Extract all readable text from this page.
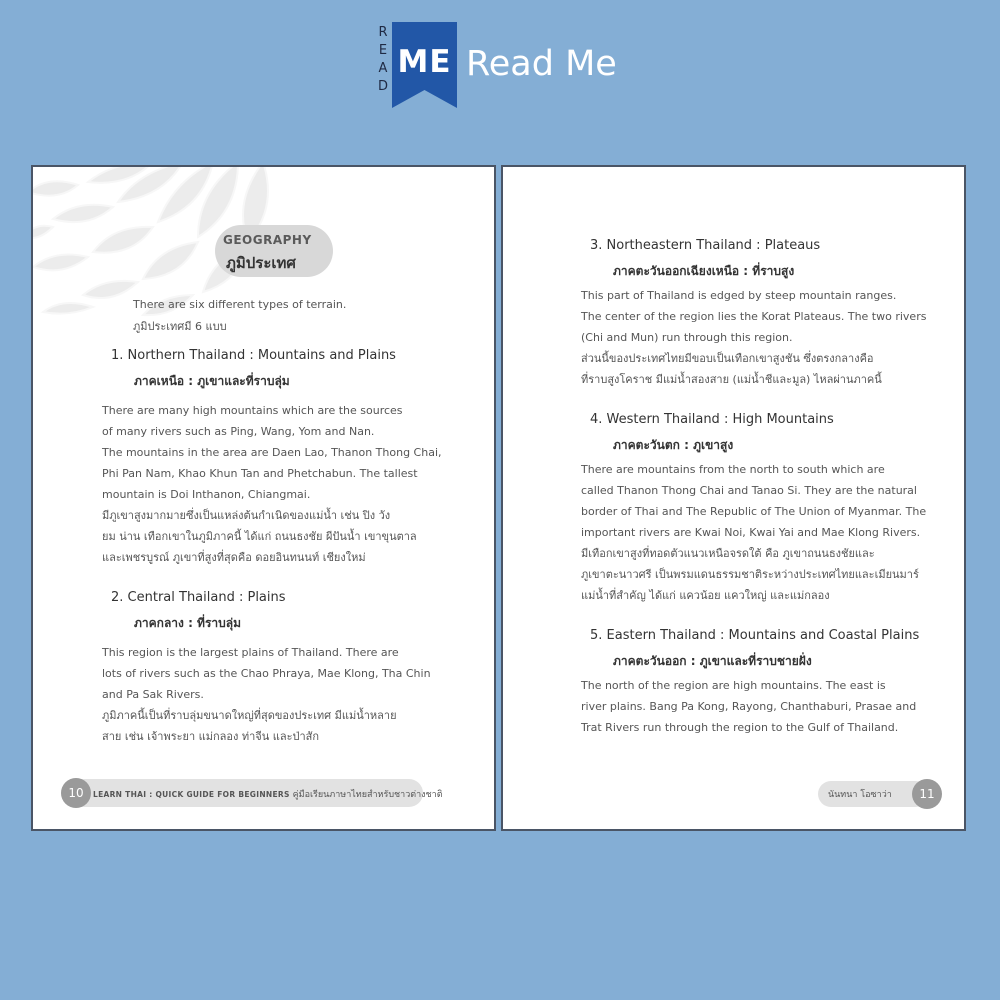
R
E
A
D
ME Read Me
GEOGRAPHY
ภูมิประเทศ
There are six different types of terrain.
ภูมิประเทศมี 6 แบบ
1. Northern Thailand : Mountains and Plains
ภาคเหนือ : ภูเขาและที่ราบลุ่ม
There are many high mountains which are the sources
of many rivers such as Ping, Wang, Yom and Nan.
The mountains in the area are Daen Lao, Thanon Thong Chai,
Phi Pan Nam, Khao Khun Tan and Phetchabun. The tallest
mountain is Doi Inthanon, Chiangmai.
มีภูเขาสูงมากมายซึ่งเป็นแหล่งต้นกำเนิดของแม่น้ำ เช่น ปิง วัง
ยม น่าน เทือกเขาในภูมิภาคนี้ ได้แก่ ถนนธงชัย ผีปันน้ำ เขาขุนตาล
และเพชรบูรณ์ ภูเขาที่สูงที่สุดคือ ดอยอินทนนท์ เชียงใหม่
2. Central Thailand : Plains
ภาคกลาง : ที่ราบลุ่ม
This region is the largest plains of Thailand. There are
lots of rivers such as the Chao Phraya, Mae Klong, Tha Chin
and Pa Sak Rivers.
ภูมิภาคนี้เป็นที่ราบลุ่มขนาดใหญ่ที่สุดของประเทศ มีแม่น้ำหลาย
สาย เช่น เจ้าพระยา แม่กลอง ท่าจีน และป่าสัก
10	LEARN THAI : QUICK GUIDE FOR BEGINNERS คู่มือเรียนภาษาไทยสำหรับชาวต่างชาติ
3. Northeastern Thailand : Plateaus
ภาคตะวันออกเฉียงเหนือ : ที่ราบสูง
This part of Thailand is edged by steep mountain ranges.
The center of the region lies the Korat Plateaus. The two rivers
(Chi and Mun) run through this region.
ส่วนนี้ของประเทศไทยมีขอบเป็นเทือกเขาสูงชัน ซึ่งตรงกลางคือ
ที่ราบสูงโคราช มีแม่น้ำสองสาย (แม่น้ำชีและมูล) ไหลผ่านภาคนี้
4. Western Thailand : High Mountains
ภาคตะวันตก : ภูเขาสูง
There are mountains from the north to south which are
called Thanon Thong Chai and Tanao Si. They are the natural
border of Thai and The Republic of The Union of Myanmar. The
important rivers are Kwai Noi, Kwai Yai and Mae Klong Rivers.
มีเทือกเขาสูงที่ทอดตัวแนวเหนือจรดใต้ คือ ภูเขาถนนธงชัยและ
ภูเขาตะนาวศรี เป็นพรมแดนธรรมชาติระหว่างประเทศไทยและเมียนมาร์
แม่น้ำที่สำคัญ ได้แก่ แควน้อย แควใหญ่ และแม่กลอง
5. Eastern Thailand : Mountains and Coastal Plains
ภาคตะวันออก : ภูเขาและที่ราบชายฝั่ง
The north of the region are high mountains. The east is
river plains. Bang Pa Kong, Rayong, Chanthaburi, Prasae and
Trat Rivers run through the region to the Gulf of Thailand.
นันทนา โอซาว่า	11
